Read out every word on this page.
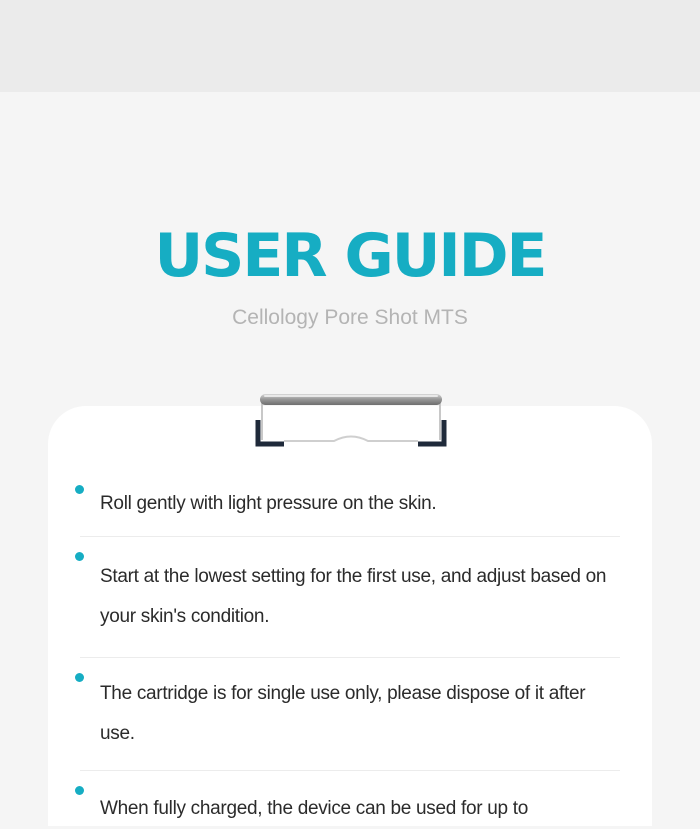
USER GUIDE
Cellology Pore Shot MTS
Roll gently with light pressure on the skin.
Start at the lowest setting for the first use, and adjust based on your skin's condition.
The cartridge is for single use only, please dispose of it after use.
When fully charged, the device can be used for up to
